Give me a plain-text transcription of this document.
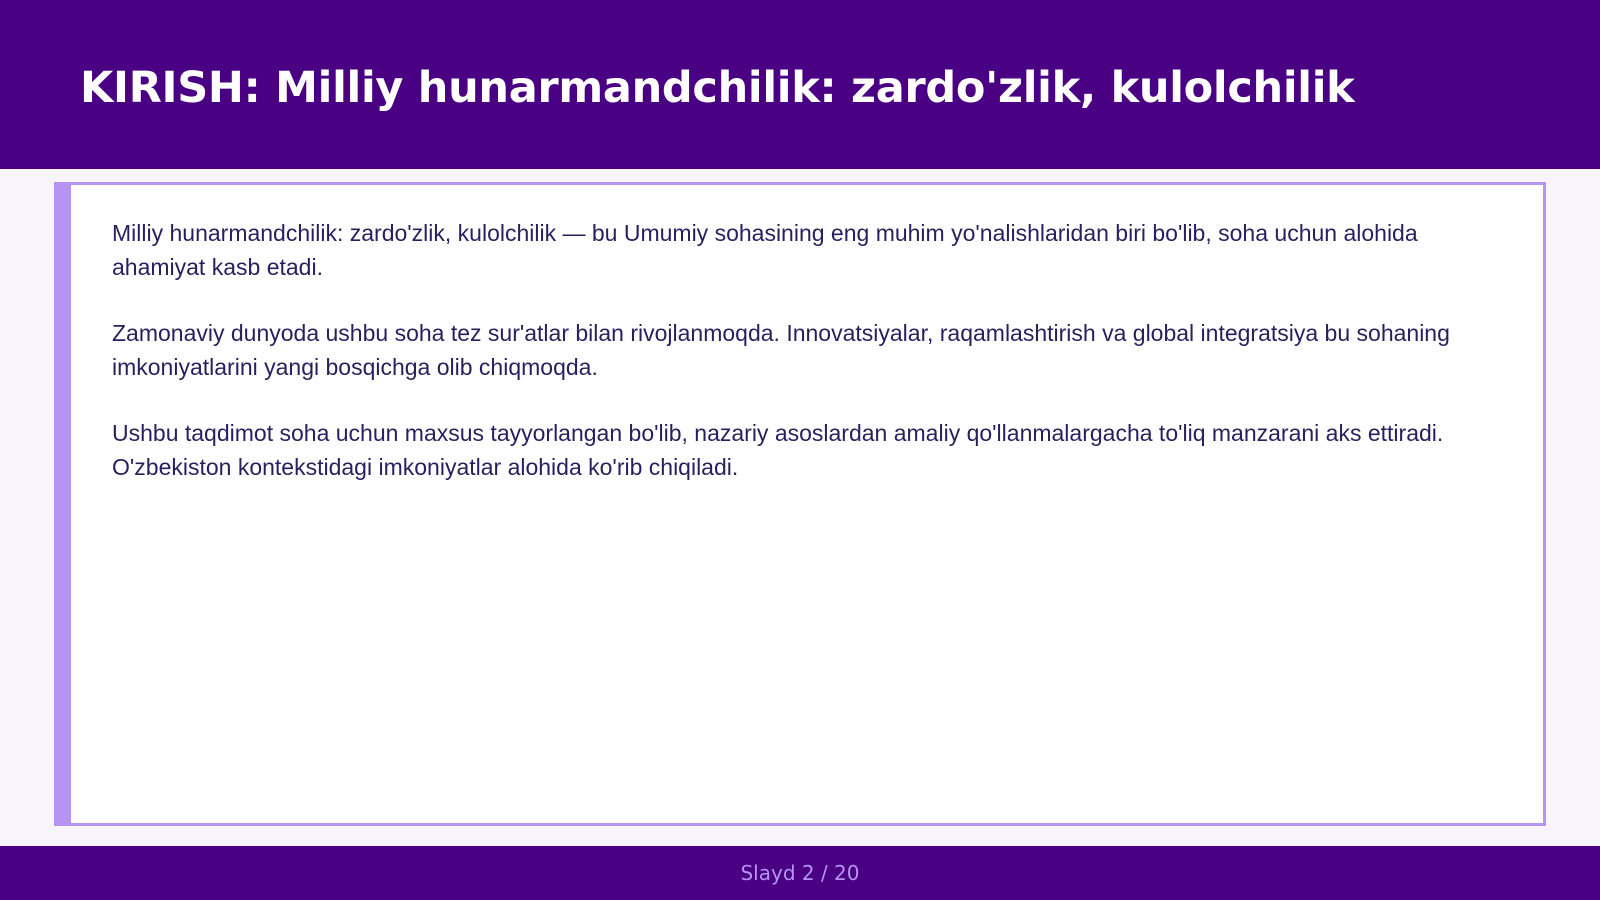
KIRISH: Milliy hunarmandchilik: zardo'zlik, kulolchilik

Milliy hunarmandchilik: zardo'zlik, kulolchilik — bu Umumiy sohasining eng muhim yo'nalishlaridan biri bo'lib, soha uchun alohida ahamiyat kasb etadi.

Zamonaviy dunyoda ushbu soha tez sur'atlar bilan rivojlanmoqda. Innovatsiyalar, raqamlashtirish va global integratsiya bu sohaning imkoniyatlarini yangi bosqichga olib chiqmoqda.

Ushbu taqdimot soha uchun maxsus tayyorlangan bo'lib, nazariy asoslardan amaliy qo'llanmalargacha to'liq manzarani aks ettiradi. O'zbekiston kontekstidagi imkoniyatlar alohida ko'rib chiqiladi.

Slayd 2 / 20
